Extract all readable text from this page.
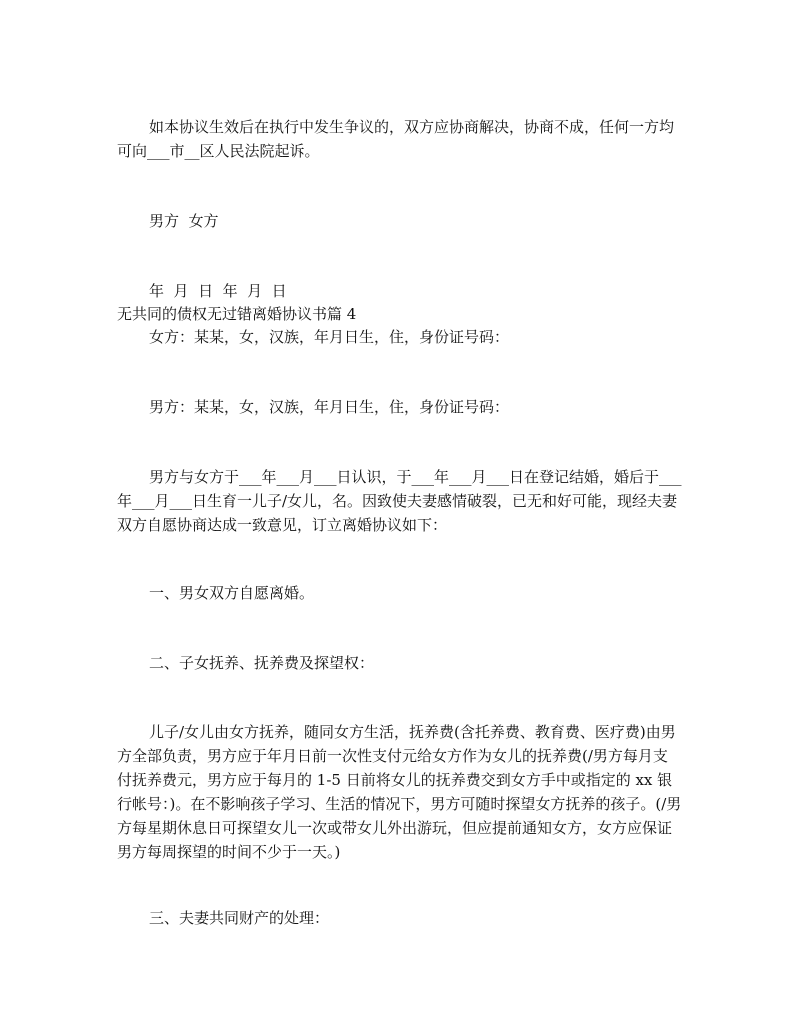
如本协议生效后在执行中发生争议的，双方应协商解决，协商不成，任何一方均可向___市__区人民法院起诉。

男方  女方

年  月  日  年  月  日

无共同的债权无过错离婚协议书篇 4

女方：某某，女，汉族，年月日生，住，身份证号码：

男方：某某，女，汉族，年月日生，住，身份证号码：

男方与女方于___年___月___日认识，于___年___月___日在登记结婚，婚后于___年___月___日生育一儿子/女儿，名。因致使夫妻感情破裂，已无和好可能，现经夫妻双方自愿协商达成一致意见，订立离婚协议如下：

一、男女双方自愿离婚。

二、子女抚养、抚养费及探望权：

儿子/女儿由女方抚养，随同女方生活，抚养费(含托养费、教育费、医疗费)由男方全部负责，男方应于年月日前一次性支付元给女方作为女儿的抚养费(/男方每月支付抚养费元，男方应于每月的 1-5 日前将女儿的抚养费交到女方手中或指定的 xx 银行帐号：)。在不影响孩子学习、生活的情况下，男方可随时探望女方抚养的孩子。(/男方每星期休息日可探望女儿一次或带女儿外出游玩，但应提前通知女方，女方应保证男方每周探望的时间不少于一天。)

三、夫妻共同财产的处理：
